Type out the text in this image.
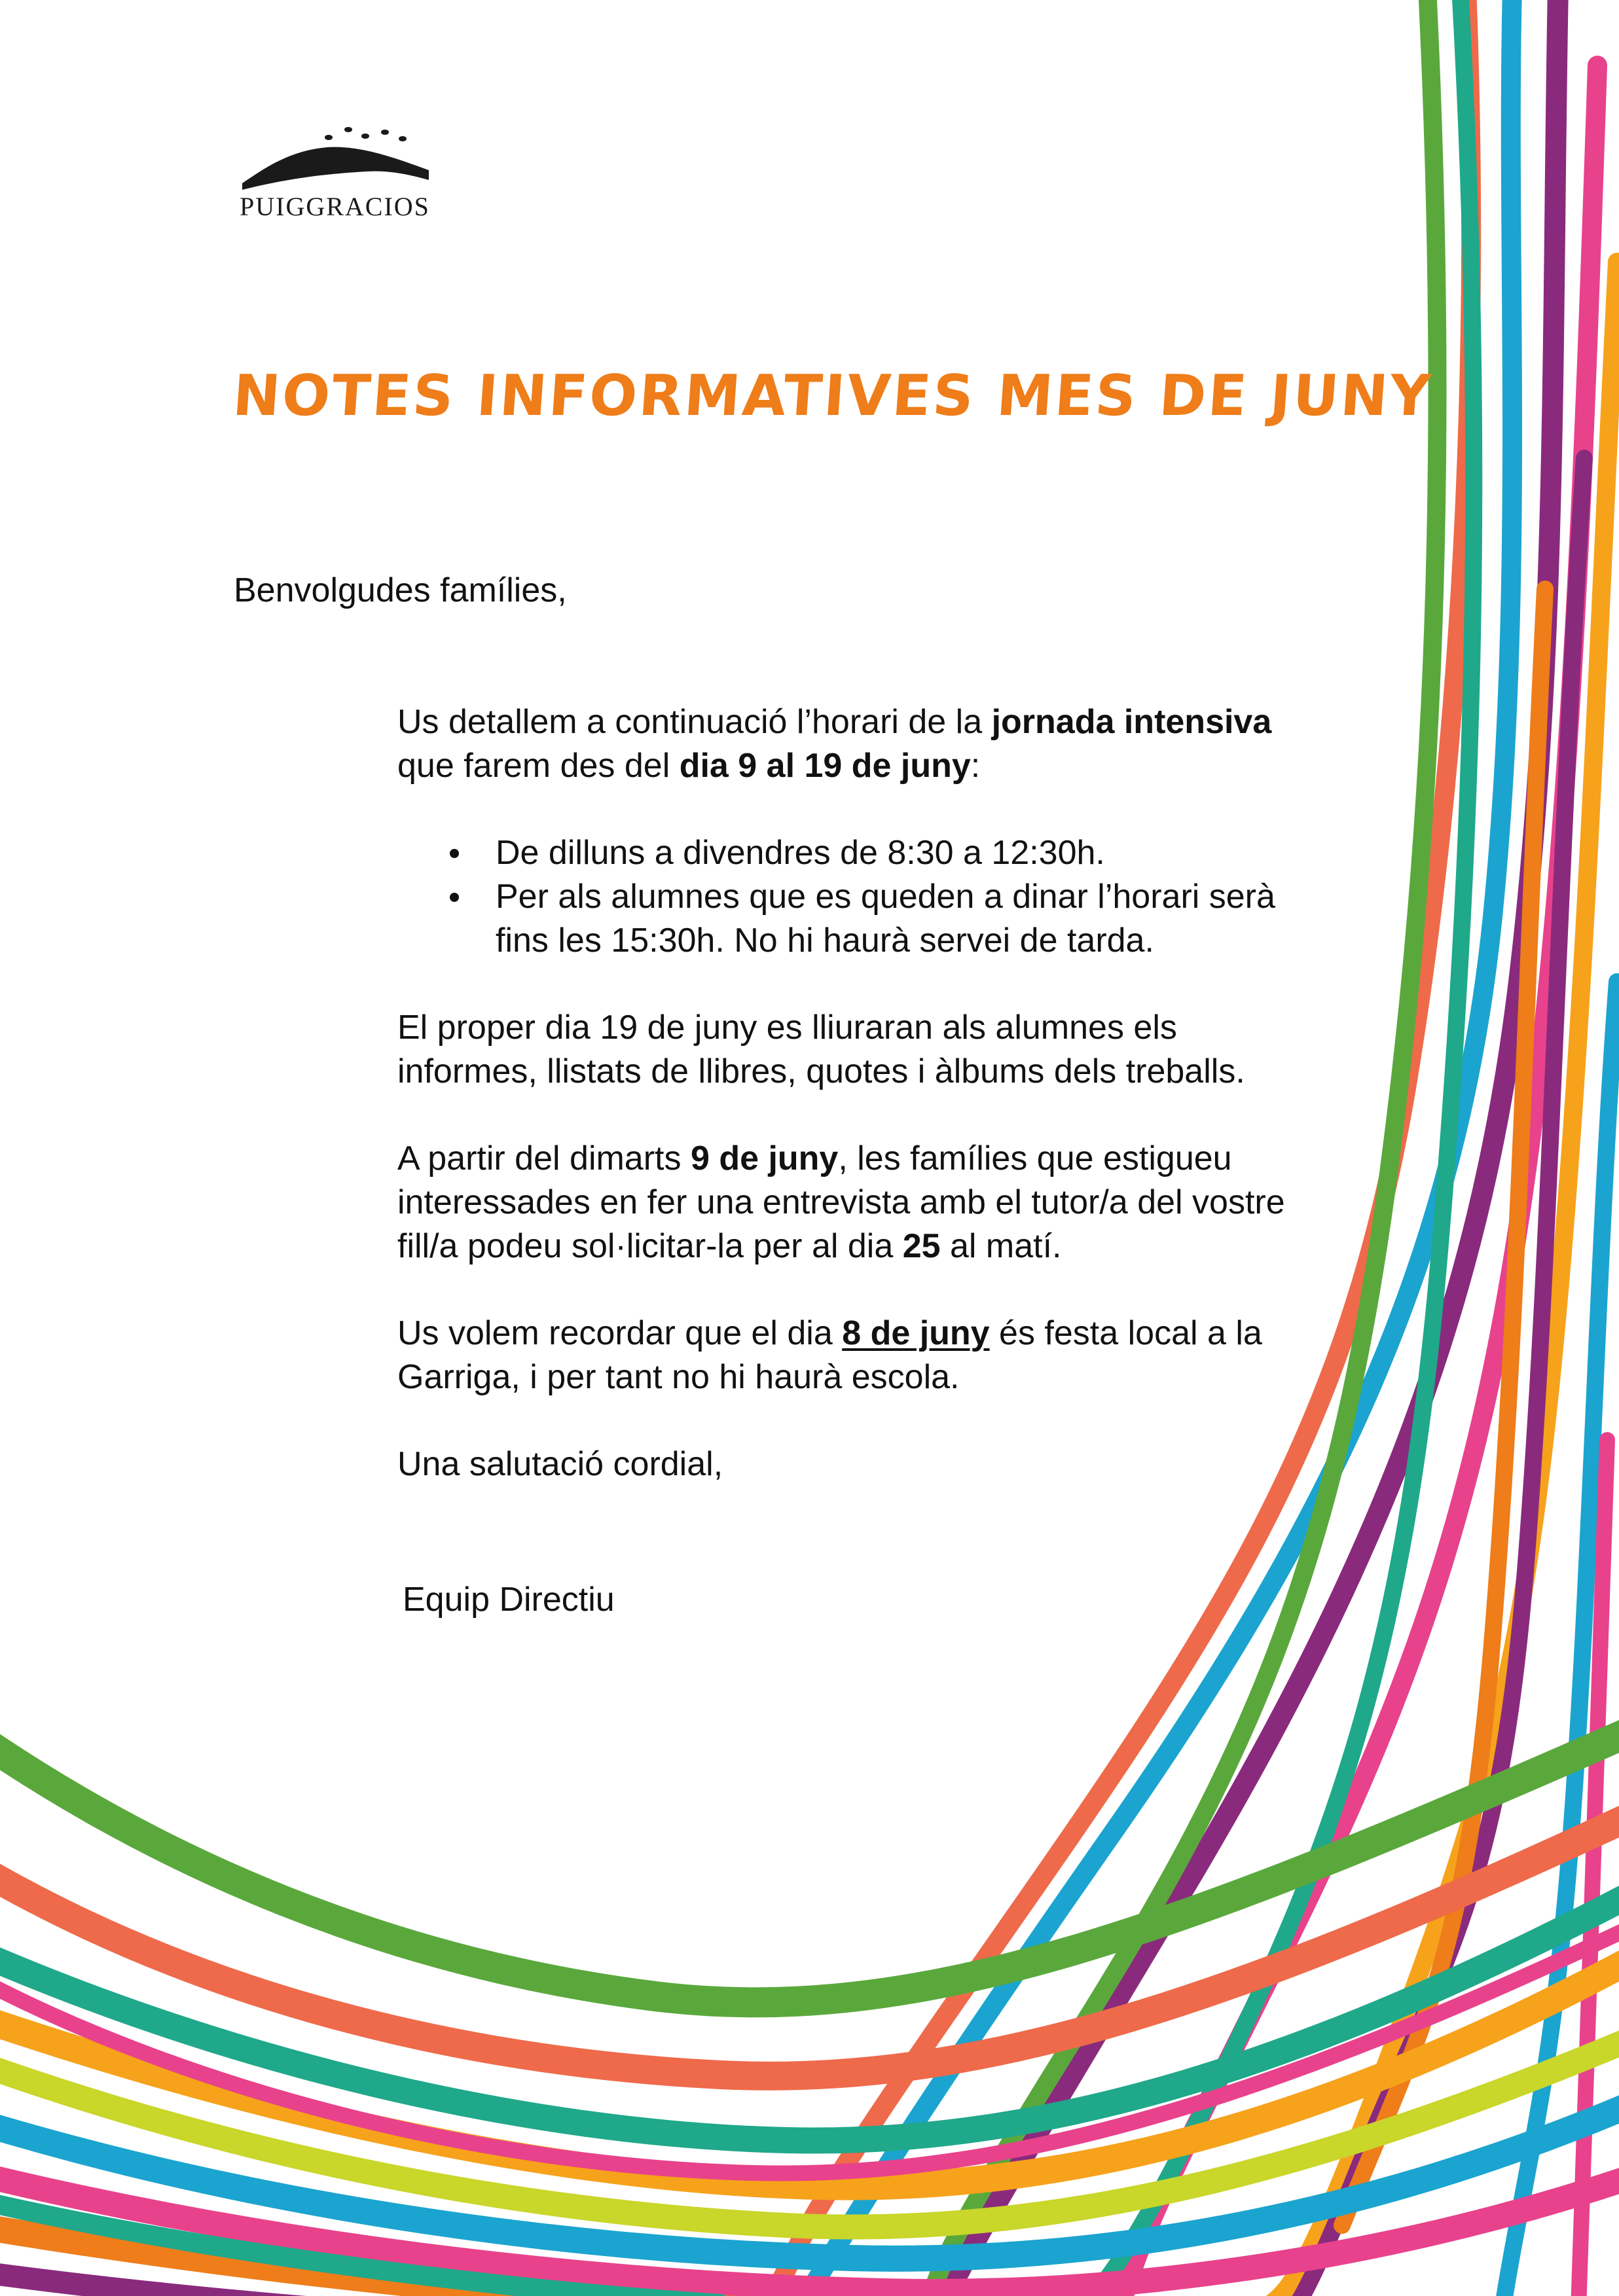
PUIGGRACIOS
NOTES INFORMATIVES MES DE JUNY
Benvolgudes famílies,

Us detallem a continuació l’horari de la jornada intensiva que farem des del dia 9 al 19 de juny:

De dilluns a divendres de 8:30 a 12:30h.
Per als alumnes que es queden a dinar l’horari serà fins les 15:30h. No hi haurà servei de tarda.

El proper dia 19 de juny es lliuraran als alumnes els informes, llistats de llibres, quotes i àlbums dels treballs.

A partir del dimarts 9 de juny, les famílies que estigueu interessades en fer una entrevista amb el tutor/a del vostre fill/a podeu sol·licitar-la per al dia 25 al matí.

Us volem recordar que el dia 8 de juny és festa local a la Garriga, i per tant no hi haurà escola.

Una salutació cordial,

Equip Directiu
